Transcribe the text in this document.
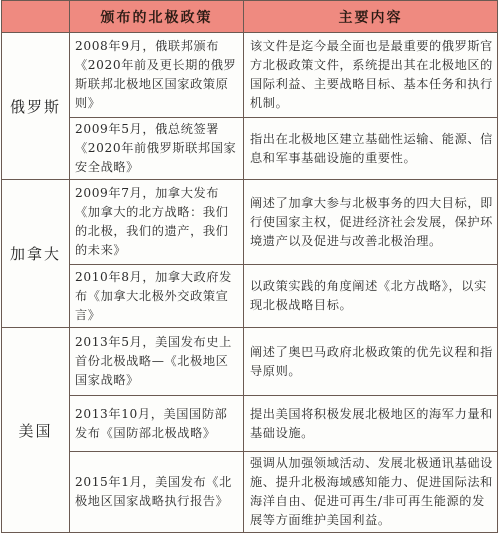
	颁布的北极政策	主要内容
俄罗斯	2008年9月，俄联邦颁布《2020年前及更长期的俄罗斯联邦北极地区国家政策原则》	该文件是迄今最全面也是最重要的俄罗斯官方北极政策文件，系统提出其在北极地区的国际利益、主要战略目标、基本任务和执行机制。
	2009年5月，俄总统签署《2020年前俄罗斯联邦国家安全战略》	指出在北极地区建立基础性运输、能源、信息和军事基础设施的重要性。
加拿大	2009年7月，加拿大发布《加拿大的北方战略：我们的北极，我们的遗产，我们的未来》	阐述了加拿大参与北极事务的四大目标，即行使国家主权，促进经济社会发展，保护环境遗产以及促进与改善北极治理。
	2010年8月，加拿大政府发布《加拿大北极外交政策宣言》	以政策实践的角度阐述《北方战略》，以实现北极战略目标。
美国	2013年5月，美国发布史上首份北极战略—《北极地区国家战略》	阐述了奥巴马政府北极政策的优先议程和指导原则。
	2013年10月，美国国防部发布《国防部北极战略》	提出美国将积极发展北极地区的海军力量和基础设施。
	2015年1月，美国发布《北极地区国家战略执行报告》	强调从加强领域活动、发展北极通讯基础设施、提升北极海域感知能力、促进国际法和海洋自由、促进可再生/非可再生能源的发展等方面维护美国利益。
